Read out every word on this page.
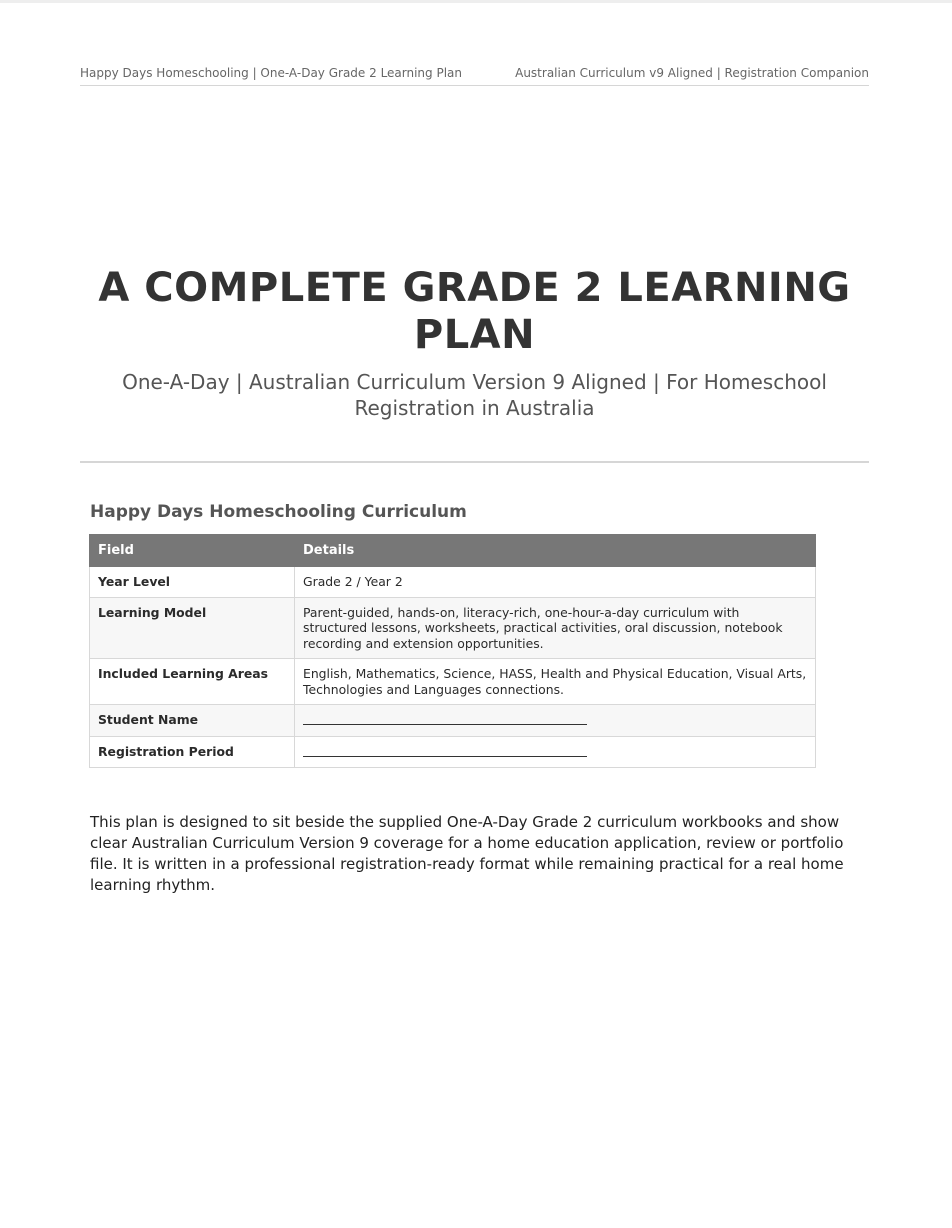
Happy Days Homeschooling | One-A-Day Grade 2 Learning Plan	Australian Curriculum v9 Aligned | Registration Companion
A COMPLETE GRADE 2 LEARNING PLAN

One-A-Day | Australian Curriculum Version 9 Aligned | For Homeschool Registration in Australia

Happy Days Homeschooling Curriculum
Field	Details
Year Level	Grade 2 / Year 2
Learning Model	Parent-guided, hands-on, literacy-rich, one-hour-a-day curriculum with structured lessons, worksheets, practical activities, oral discussion, notebook recording and extension opportunities.
Included Learning Areas	English, Mathematics, Science, HASS, Health and Physical Education, Visual Arts, Technologies and Languages connections.
Student Name	
Registration Period	

This plan is designed to sit beside the supplied One-A-Day Grade 2 curriculum workbooks and show clear Australian Curriculum Version 9 coverage for a home education application, review or portfolio file. It is written in a professional registration-ready format while remaining practical for a real home learning rhythm.
